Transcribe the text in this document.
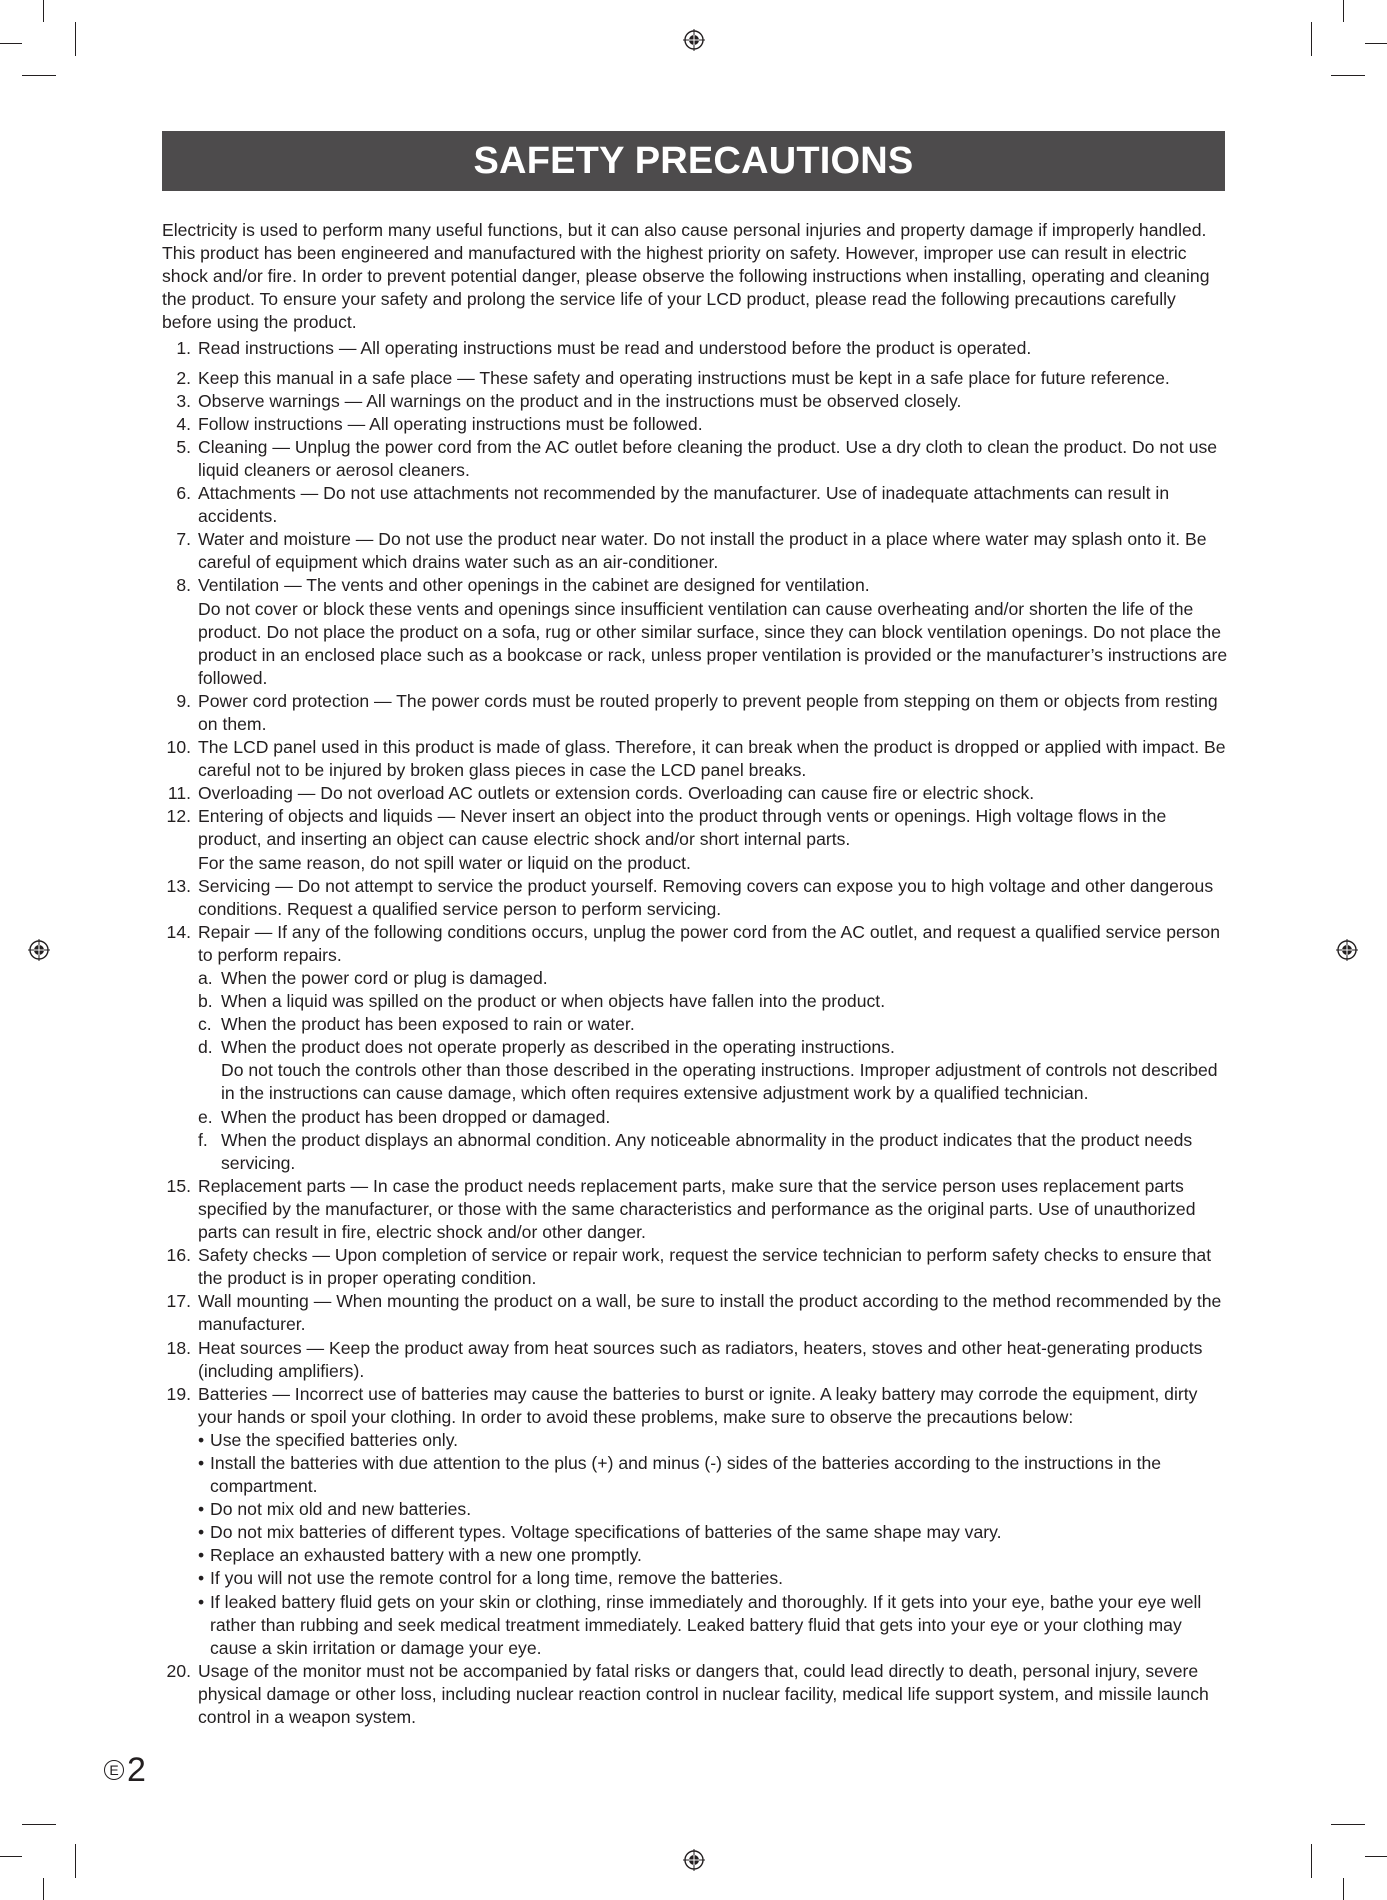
SAFETY PRECAUTIONS

Electricity is used to perform many useful functions, but it can also cause personal injuries and property damage if improperly handled. This product has been engineered and manufactured with the highest priority on safety. However, improper use can result in electric shock and/or fire. In order to prevent potential danger, please observe the following instructions when installing, operating and cleaning the product. To ensure your safety and prolong the service life of your LCD product, please read the following precautions carefully before using the product.

1. Read instructions — All operating instructions must be read and understood before the product is operated.
2. Keep this manual in a safe place — These safety and operating instructions must be kept in a safe place for future reference.
3. Observe warnings — All warnings on the product and in the instructions must be observed closely.
4. Follow instructions — All operating instructions must be followed.
5. Cleaning — Unplug the power cord from the AC outlet before cleaning the product. Use a dry cloth to clean the product. Do not use liquid cleaners or aerosol cleaners.
6. Attachments — Do not use attachments not recommended by the manufacturer. Use of inadequate attachments can result in accidents.
7. Water and moisture — Do not use the product near water. Do not install the product in a place where water may splash onto it. Be careful of equipment which drains water such as an air-conditioner.
8. Ventilation — The vents and other openings in the cabinet are designed for ventilation.
Do not cover or block these vents and openings since insufficient ventilation can cause overheating and/or shorten the life of the product. Do not place the product on a sofa, rug or other similar surface, since they can block ventilation openings. Do not place the product in an enclosed place such as a bookcase or rack, unless proper ventilation is provided or the manufacturer’s instructions are followed.
9. Power cord protection — The power cords must be routed properly to prevent people from stepping on them or objects from resting on them.
10. The LCD panel used in this product is made of glass. Therefore, it can break when the product is dropped or applied with impact. Be careful not to be injured by broken glass pieces in case the LCD panel breaks.
11. Overloading — Do not overload AC outlets or extension cords. Overloading can cause fire or electric shock.
12. Entering of objects and liquids — Never insert an object into the product through vents or openings. High voltage flows in the product, and inserting an object can cause electric shock and/or short internal parts.
For the same reason, do not spill water or liquid on the product.
13. Servicing — Do not attempt to service the product yourself. Removing covers can expose you to high voltage and other dangerous conditions. Request a qualified service person to perform servicing.
14. Repair — If any of the following conditions occurs, unplug the power cord from the AC outlet, and request a qualified service person to perform repairs.
a. When the power cord or plug is damaged.
b. When a liquid was spilled on the product or when objects have fallen into the product.
c. When the product has been exposed to rain or water.
d. When the product does not operate properly as described in the operating instructions.
Do not touch the controls other than those described in the operating instructions. Improper adjustment of controls not described in the instructions can cause damage, which often requires extensive adjustment work by a qualified technician.
e. When the product has been dropped or damaged.
f. When the product displays an abnormal condition. Any noticeable abnormality in the product indicates that the product needs servicing.
15. Replacement parts — In case the product needs replacement parts, make sure that the service person uses replacement parts specified by the manufacturer, or those with the same characteristics and performance as the original parts. Use of unauthorized parts can result in fire, electric shock and/or other danger.
16. Safety checks — Upon completion of service or repair work, request the service technician to perform safety checks to ensure that the product is in proper operating condition.
17. Wall mounting — When mounting the product on a wall, be sure to install the product according to the method recommended by the manufacturer.
18. Heat sources — Keep the product away from heat sources such as radiators, heaters, stoves and other heat-generating products (including amplifiers).
19. Batteries — Incorrect use of batteries may cause the batteries to burst or ignite. A leaky battery may corrode the equipment, dirty your hands or spoil your clothing. In order to avoid these problems, make sure to observe the precautions below:
• Use the specified batteries only.
• Install the batteries with due attention to the plus (+) and minus (-) sides of the batteries according to the instructions in the compartment.
• Do not mix old and new batteries.
• Do not mix batteries of different types. Voltage specifications of batteries of the same shape may vary.
• Replace an exhausted battery with a new one promptly.
• If you will not use the remote control for a long time, remove the batteries.
• If leaked battery fluid gets on your skin or clothing, rinse immediately and thoroughly. If it gets into your eye, bathe your eye well rather than rubbing and seek medical treatment immediately. Leaked battery fluid that gets into your eye or your clothing may cause a skin irritation or damage your eye.
20. Usage of the monitor must not be accompanied by fatal risks or dangers that, could lead directly to death, personal injury, severe physical damage or other loss, including nuclear reaction control in nuclear facility, medical life support system, and missile launch control in a weapon system.
E 2
